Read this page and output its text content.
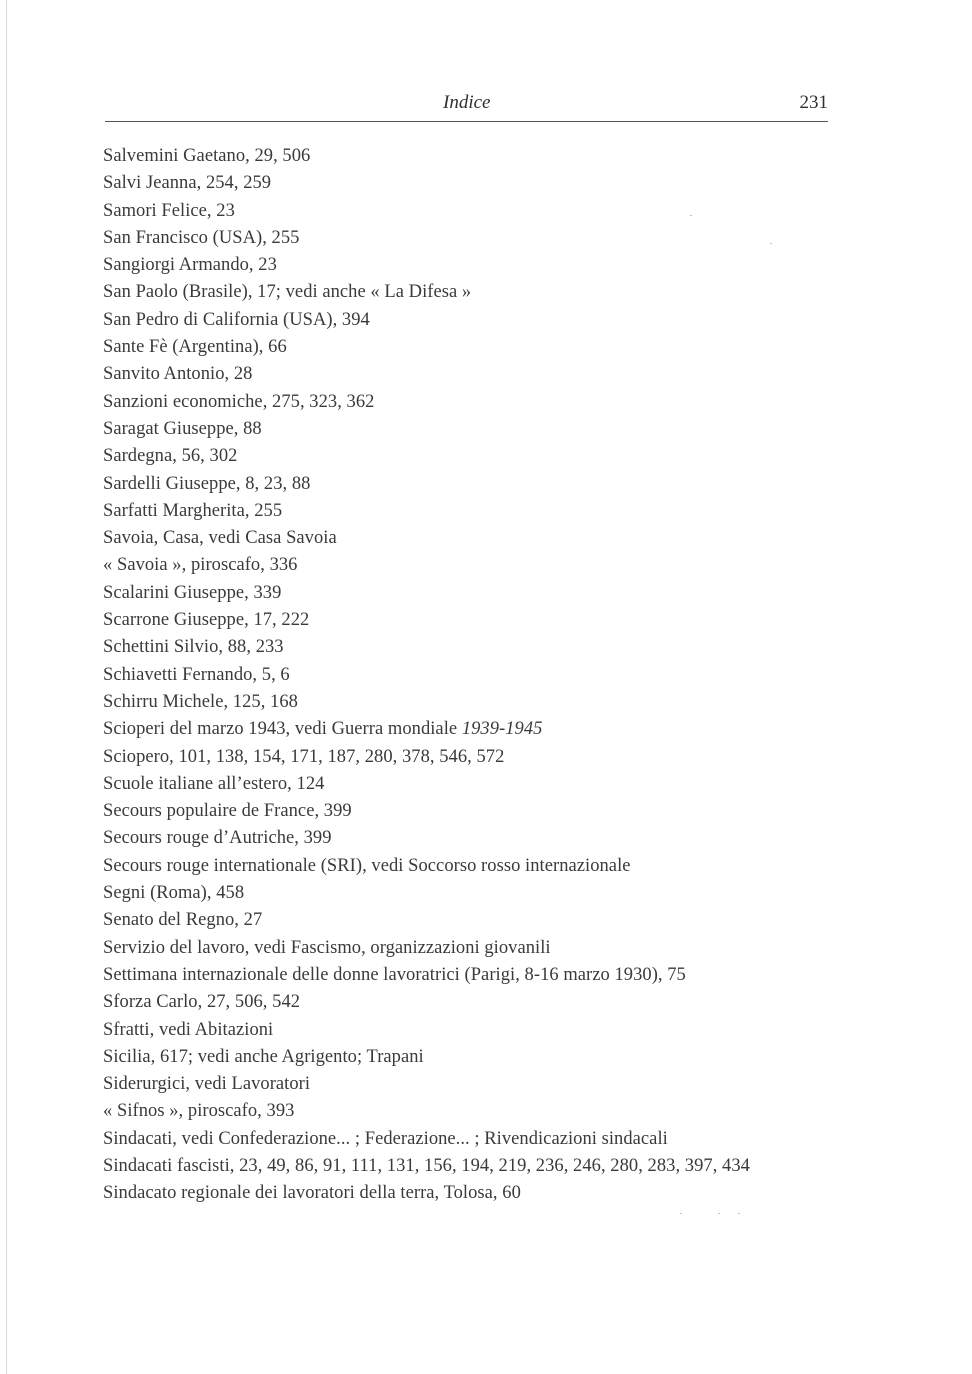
Indice	231
Salvemini Gaetano, 29, 506
Salvi Jeanna, 254, 259
Samori Felice, 23
San Francisco (USA), 255
Sangiorgi Armando, 23
San Paolo (Brasile), 17; vedi anche « La Difesa »
San Pedro di California (USA), 394
Sante Fè (Argentina), 66
Sanvito Antonio, 28
Sanzioni economiche, 275, 323, 362
Saragat Giuseppe, 88
Sardegna, 56, 302
Sardelli Giuseppe, 8, 23, 88
Sarfatti Margherita, 255
Savoia, Casa, vedi Casa Savoia
« Savoia », piroscafo, 336
Scalarini Giuseppe, 339
Scarrone Giuseppe, 17, 222
Schettini Silvio, 88, 233
Schiavetti Fernando, 5, 6
Schirru Michele, 125, 168
Scioperi del marzo 1943, vedi Guerra mondiale 1939-1945
Sciopero, 101, 138, 154, 171, 187, 280, 378, 546, 572
Scuole italiane all’estero, 124
Secours populaire de France, 399
Secours rouge d’Autriche, 399
Secours rouge internationale (SRI), vedi Soccorso rosso internazionale
Segni (Roma), 458
Senato del Regno, 27
Servizio del lavoro, vedi Fascismo, organizzazioni giovanili
Settimana internazionale delle donne lavoratrici (Parigi, 8-16 marzo 1930), 75
Sforza Carlo, 27, 506, 542
Sfratti, vedi Abitazioni
Sicilia, 617; vedi anche Agrigento; Trapani
Siderurgici, vedi Lavoratori
« Sifnos », piroscafo, 393
Sindacati, vedi Confederazione... ; Federazione... ; Rivendicazioni sindacali
Sindacati fascisti, 23, 49, 86, 91, 111, 131, 156, 194, 219, 236, 246, 280, 283, 397, 434
Sindacato regionale dei lavoratori della terra, Tolosa, 60
